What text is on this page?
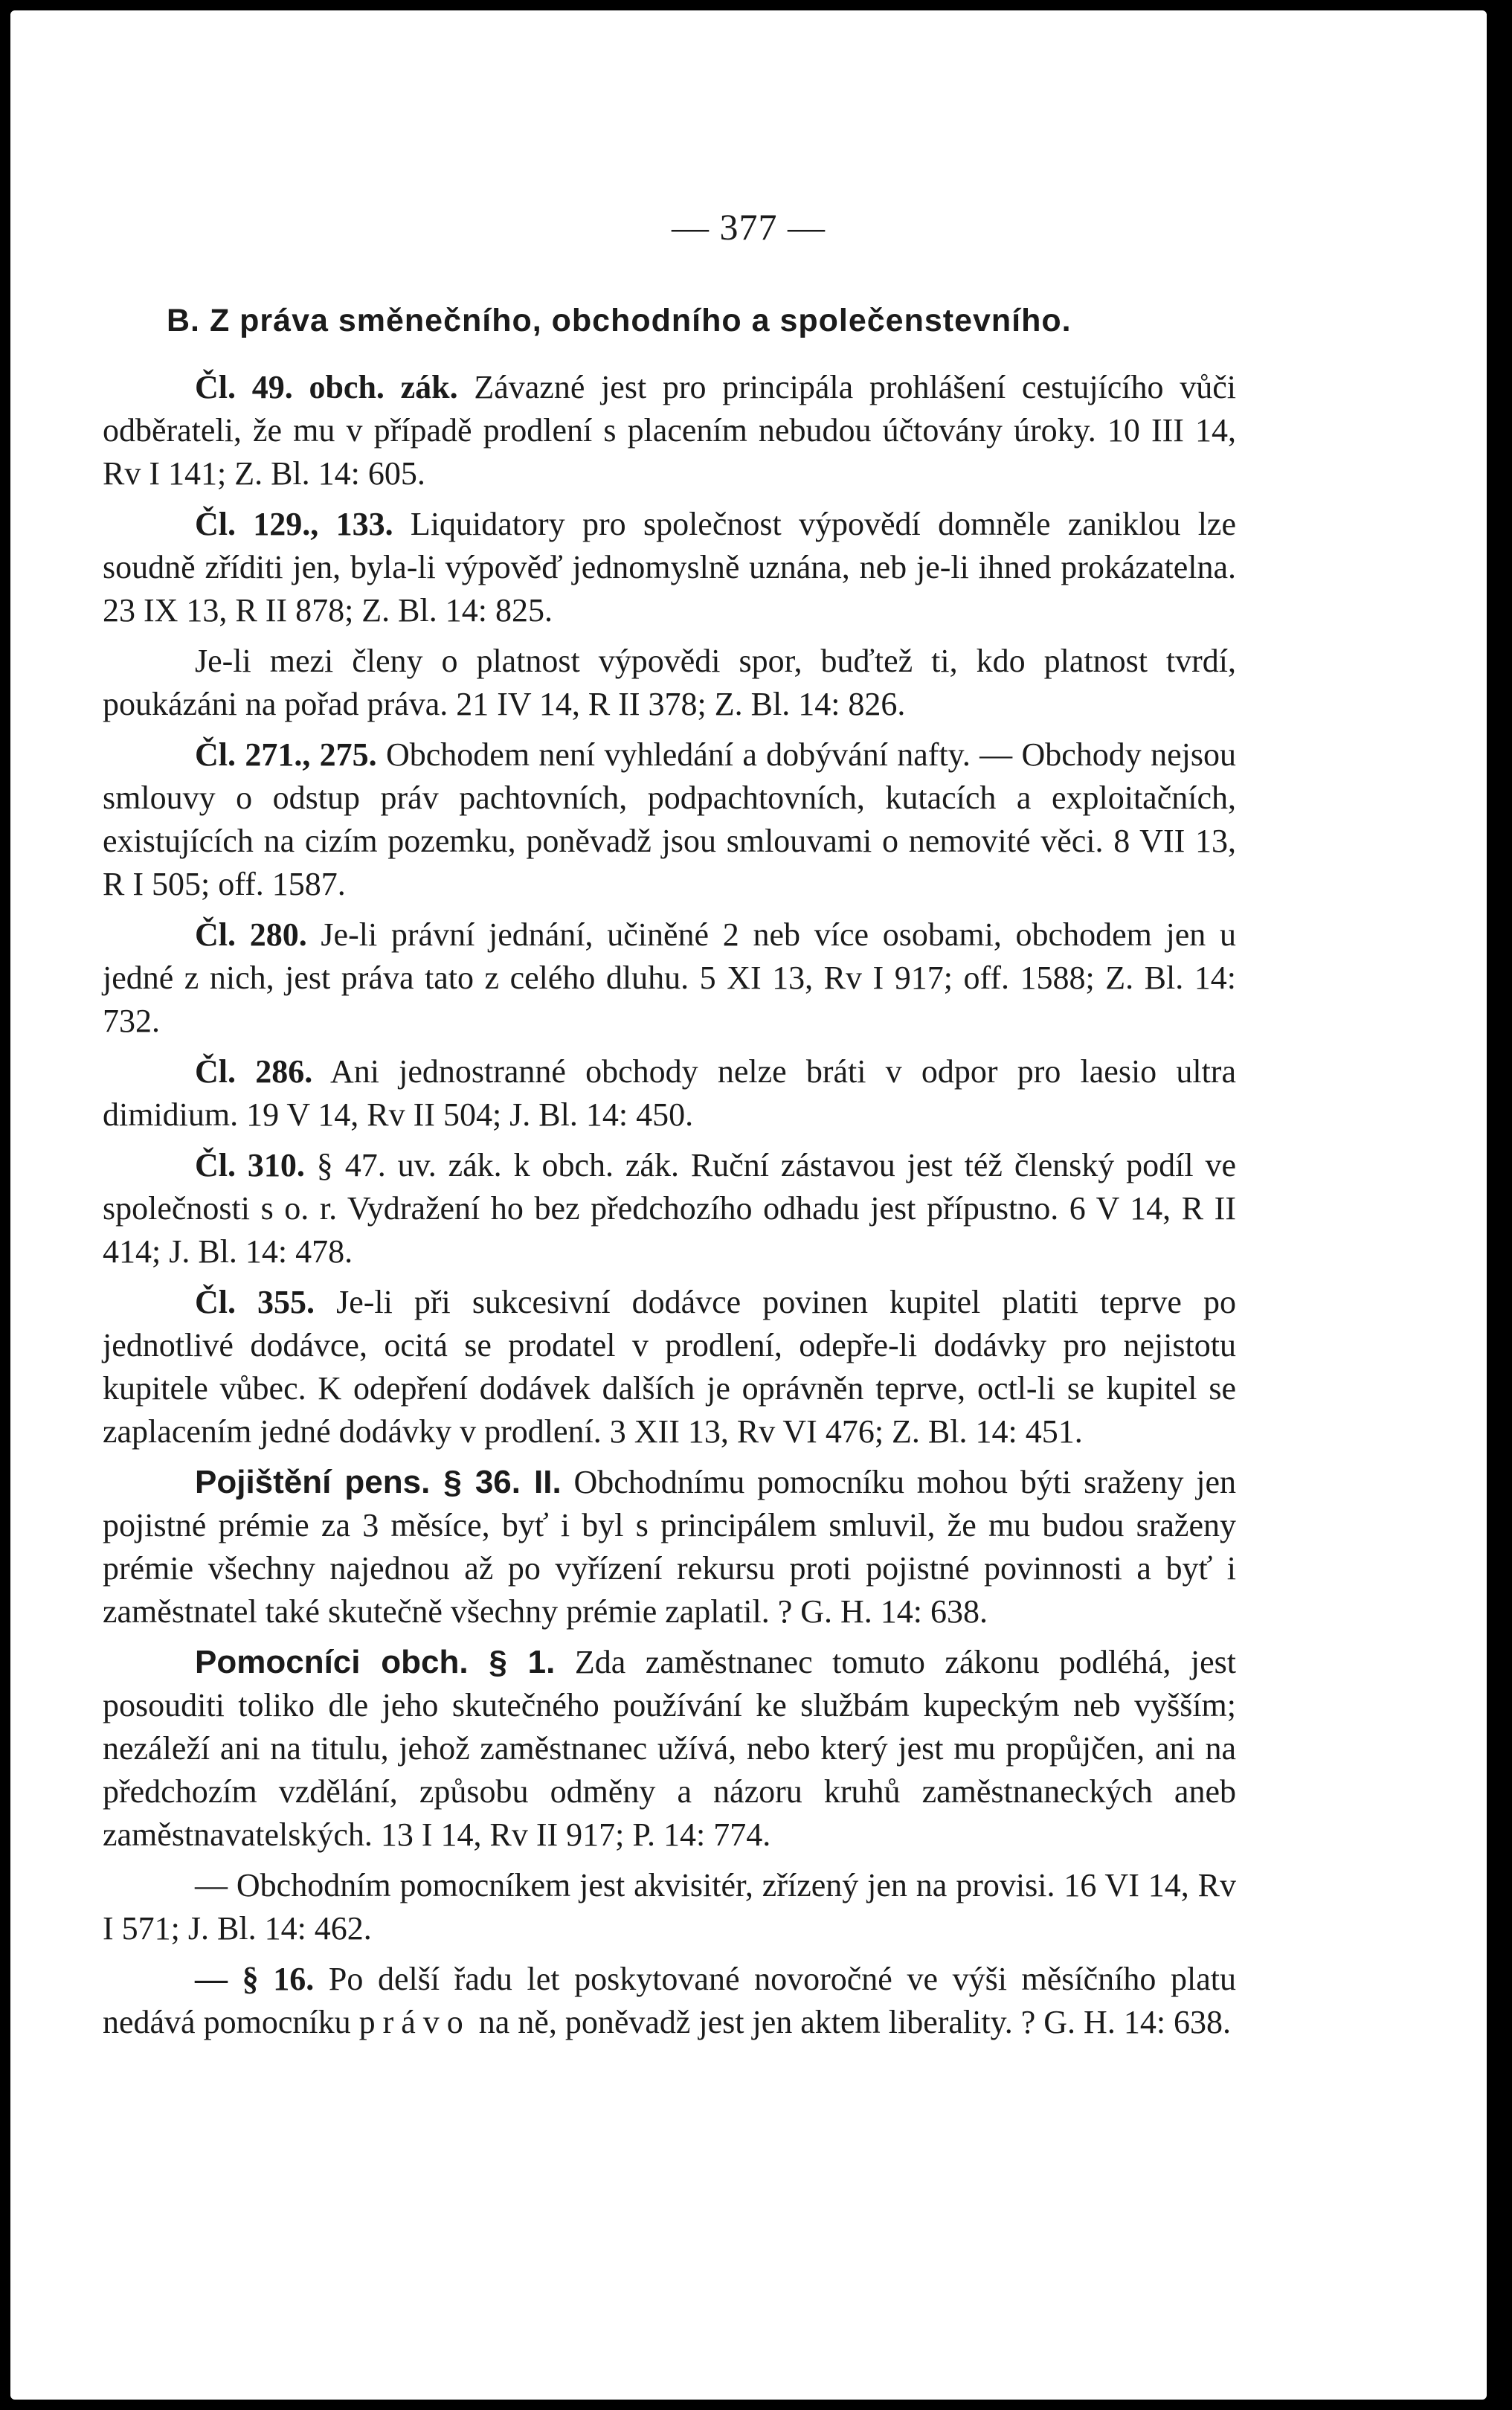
— 377 —
B. Z práva směnečního, obchodního a společenstevního.

Čl. 49. obch. zák. Závazné jest pro principála prohlášení cestujícího vůči odběrateli, že mu v případě prodlení s placením nebudou účtovány úroky. 10 III 14, Rv I 141; Z. Bl. 14: 605.

Čl. 129., 133. Liquidatory pro společnost výpovědí domněle zaniklou lze soudně zříditi jen, byla-li výpověď jednomyslně uznána, neb je-li ihned prokázatelna. 23 IX 13, R II 878; Z. Bl. 14: 825.

Je-li mezi členy o platnost výpovědi spor, buďtež ti, kdo platnost tvrdí, poukázáni na pořad práva. 21 IV 14, R II 378; Z. Bl. 14: 826.

Čl. 271., 275. Obchodem není vyhledání a dobývání nafty. — Obchody nejsou smlouvy o odstup práv pachtovních, podpachtovních, kutacích a exploitačních, existujících na cizím pozemku, poněvadž jsou smlouvami o nemovité věci. 8 VII 13, R I 505; off. 1587.

Čl. 280. Je-li právní jednání, učiněné 2 neb více osobami, obchodem jen u jedné z nich, jest práva tato z celého dluhu. 5 XI 13, Rv I 917; off. 1588; Z. Bl. 14: 732.

Čl. 286. Ani jednostranné obchody nelze bráti v odpor pro laesio ultra dimidium. 19 V 14, Rv II 504; J. Bl. 14: 450.

Čl. 310. § 47. uv. zák. k obch. zák. Ruční zástavou jest též členský podíl ve společnosti s o. r. Vydražení ho bez předchozího odhadu jest přípustno. 6 V 14, R II 414; J. Bl. 14: 478.

Čl. 355. Je-li při sukcesivní dodávce povinen kupitel platiti teprve po jednotlivé dodávce, ocitá se prodatel v prodlení, odepře-li dodávky pro nejistotu kupitele vůbec. K odepření dodávek dalších je oprávněn teprve, octl-li se kupitel se zaplacením jedné dodávky v prodlení. 3 XII 13, Rv VI 476; Z. Bl. 14: 451.

Pojištění pens. § 36. II. Obchodnímu pomocníku mohou býti sraženy jen pojistné prémie za 3 měsíce, byť i byl s principálem smluvil, že mu budou sraženy prémie všechny najednou až po vyřízení rekursu proti pojistné povinnosti a byť i zaměstnatel také skutečně všechny prémie zaplatil. ? G. H. 14: 638.

Pomocníci obch. § 1. Zda zaměstnanec tomuto zákonu podléhá, jest posouditi toliko dle jeho skutečného používání ke službám kupeckým neb vyšším; nezáleží ani na titulu, jehož zaměstnanec užívá, nebo který jest mu propůjčen, ani na předchozím vzdělání, způsobu odměny a názoru kruhů zaměstnaneckých aneb zaměstnavatelských. 13 I 14, Rv II 917; P. 14: 774.

— Obchodním pomocníkem jest akvisitér, zřízený jen na provisi. 16 VI 14, Rv I 571; J. Bl. 14: 462.

— § 16. Po delší řadu let poskytované novoročné ve výši měsíčního platu nedává pomocníku právo na ně, poněvadž jest jen aktem liberality. ? G. H. 14: 638.
